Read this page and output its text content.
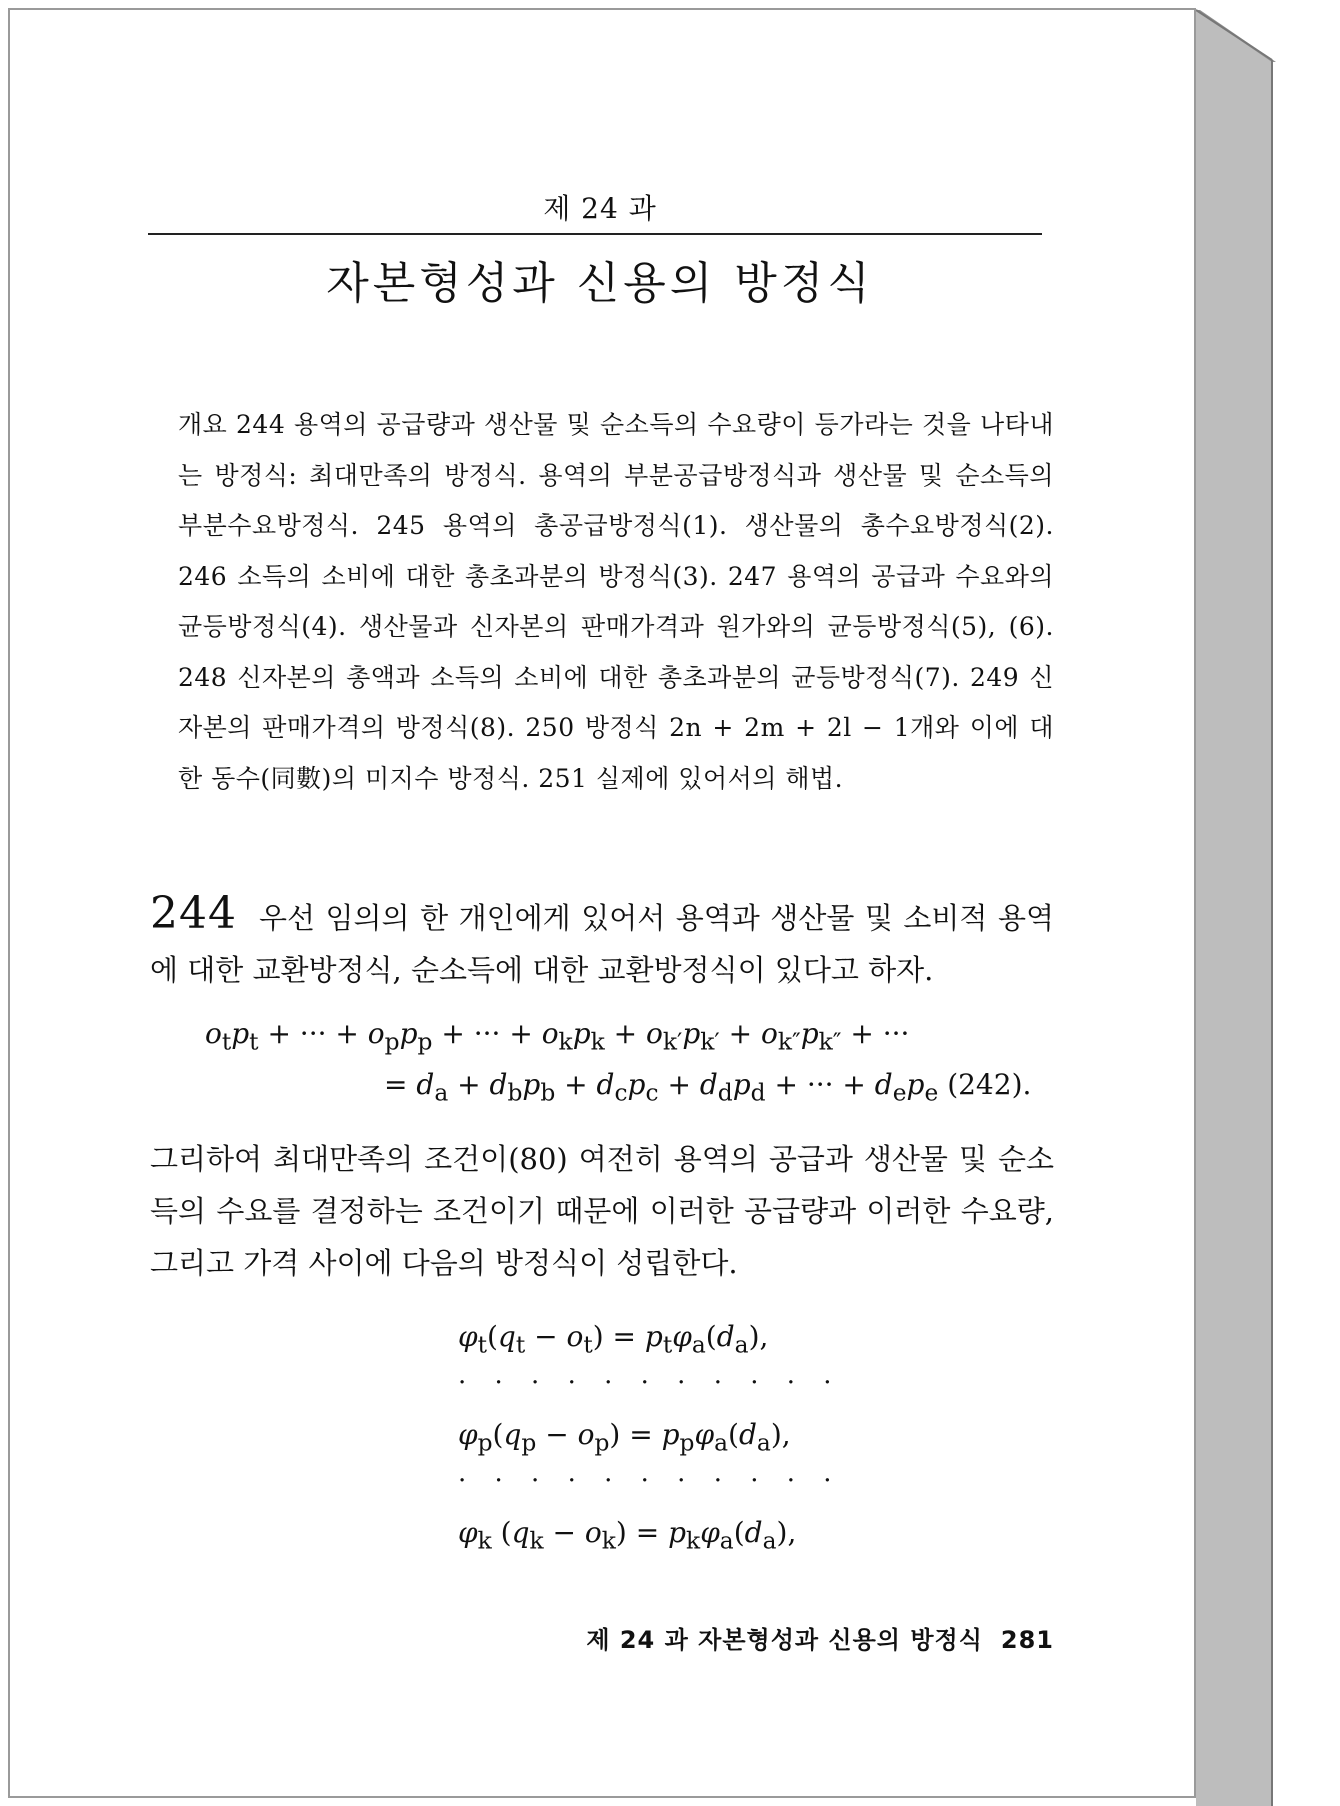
제 24 과
자본형성과 신용의 방정식
개요 244 용역의 공급량과 생산물 및 순소득의 수요량이 등가라는 것을 나타내는 방정식: 최대만족의 방정식. 용역의 부분공급방정식과 생산물 및 순소득의 부분수요방정식. 245 용역의 총공급방정식(1). 생산물의 총수요방정식(2). 246 소득의 소비에 대한 총초과분의 방정식(3). 247 용역의 공급과 수요와의 균등방정식(4). 생산물과 신자본의 판매가격과 원가와의 균등방정식(5), (6). 248 신자본의 총액과 소득의 소비에 대한 총초과분의 균등방정식(7). 249 신자본의 판매가격의 방정식(8). 250 방정식 2n + 2m + 2l − 1개와 이에 대한 동수(同數)의 미지수 방정식. 251 실제에 있어서의 해법.
244 우선 임의의 한 개인에게 있어서 용역과 생산물 및 소비적 용역에 대한 교환방정식, 순소득에 대한 교환방정식이 있다고 하자.
$o_tp_t$ + ··· + $o_pp_p$ + ··· + $o_kp_k + o_{k'}p_{k'} + o_{k''}p_{k''}$ + ···
= $d_a + d_bp_b + d_cp_c + d_dp_d$ + ··· + $d_ep_e$ (242).
그리하여 최대만족의 조건이(80) 여전히 용역의 공급과 생산물 및 순소득의 수요를 결정하는 조건이기 때문에 이러한 공급량과 이러한 수요량, 그리고 가격 사이에 다음의 방정식이 성립한다.
$\varphi_t(q_t - o_t) = p_t\varphi_a(d_a)$,
· · · · · · · · · · ·
$\varphi_p(q_p - o_p) = p_p\varphi_a(d_a)$,
· · · · · · · · · · ·
$\varphi_k$ $(q_k - o_k) = p_k\varphi_a(d_a)$,
제 24 과 자본형성과 신용의 방정식 281
